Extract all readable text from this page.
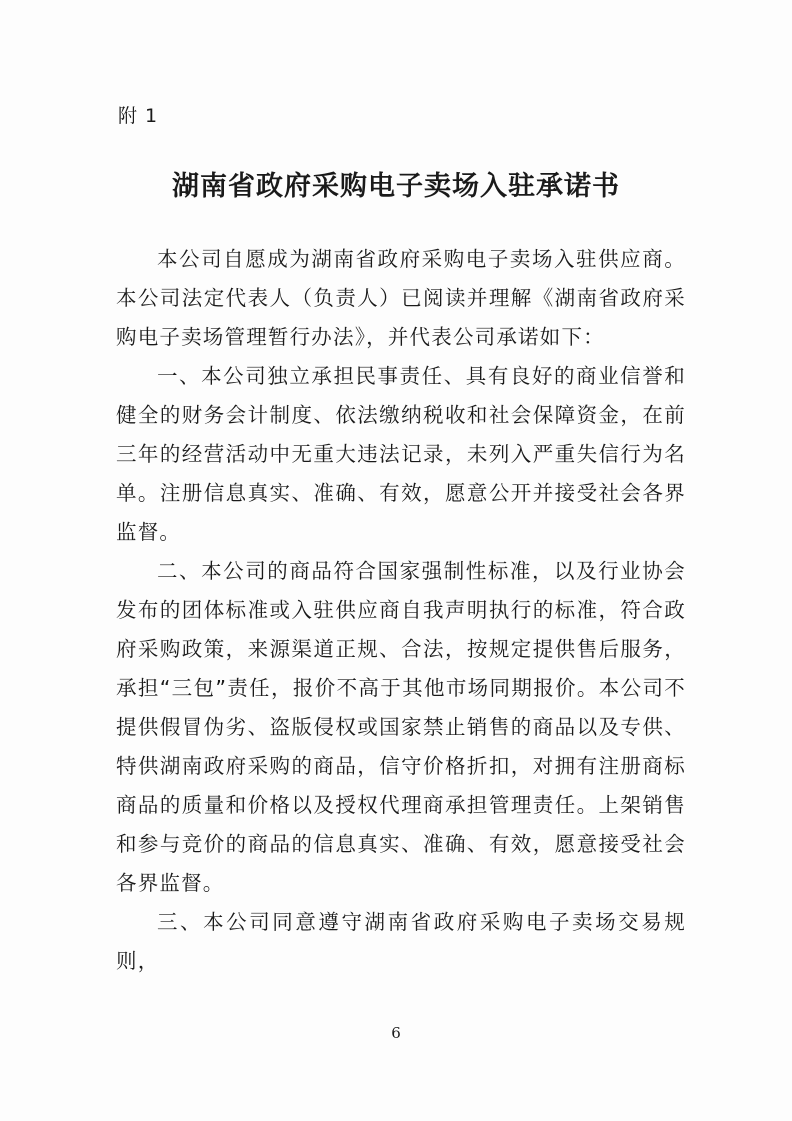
附 1
湖南省政府采购电子卖场入驻承诺书

本公司自愿成为湖南省政府采购电子卖场入驻供应商。本公司法定代表人（负责人）已阅读并理解《湖南省政府采购电子卖场管理暂行办法》，并代表公司承诺如下：

一、本公司独立承担民事责任、具有良好的商业信誉和健全的财务会计制度、依法缴纳税收和社会保障资金，在前三年的经营活动中无重大违法记录，未列入严重失信行为名单。注册信息真实、准确、有效，愿意公开并接受社会各界监督。

二、本公司的商品符合国家强制性标准，以及行业协会发布的团体标准或入驻供应商自我声明执行的标准，符合政府采购政策，来源渠道正规、合法，按规定提供售后服务，承担“三包”责任，报价不高于其他市场同期报价。本公司不提供假冒伪劣、盗版侵权或国家禁止销售的商品以及专供、特供湖南政府采购的商品，信守价格折扣，对拥有注册商标商品的质量和价格以及授权代理商承担管理责任。上架销售和参与竞价的商品的信息真实、准确、有效，愿意接受社会各界监督。

三、本公司同意遵守湖南省政府采购电子卖场交易规则，

6
